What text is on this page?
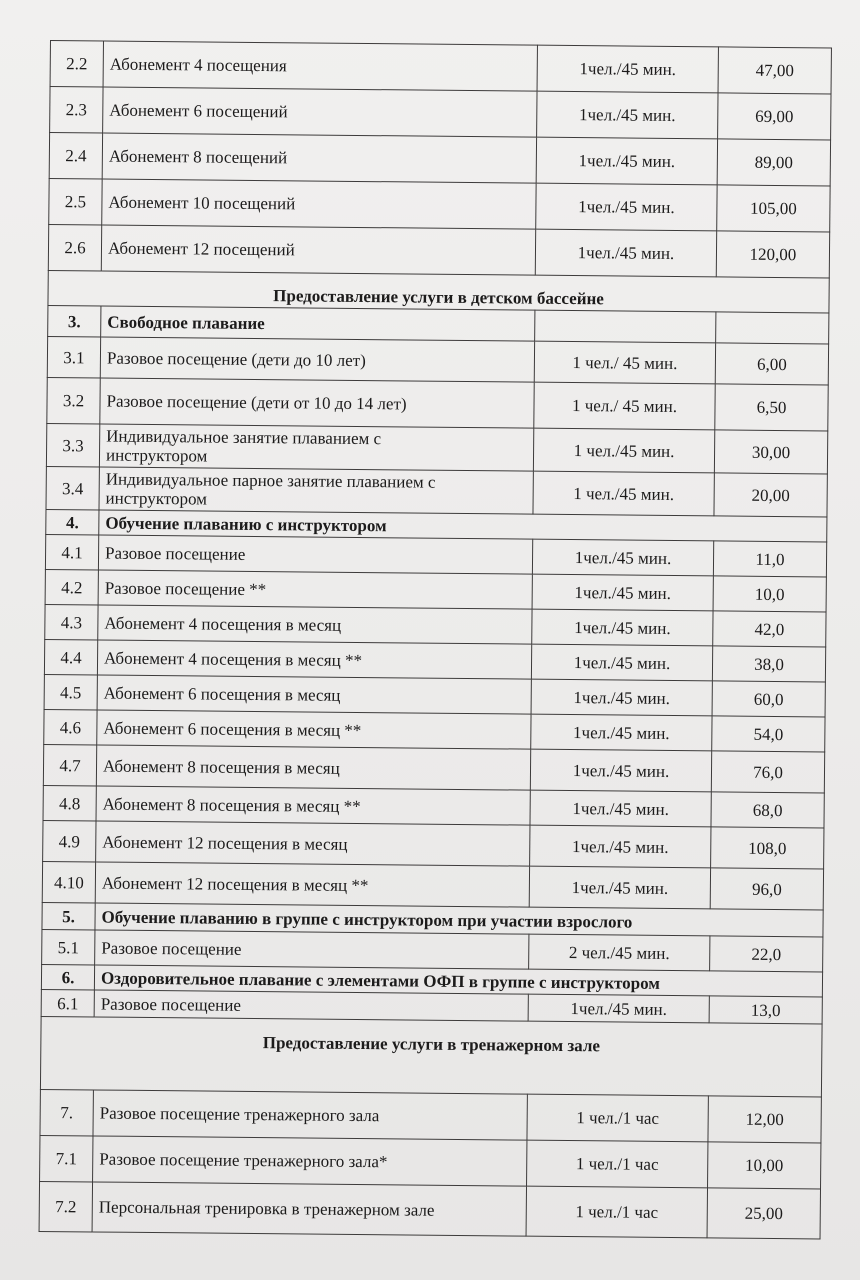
2.2	Абонемент 4 посещения	1чел./45 мин.	47,00
2.3	Абонемент 6 посещений	1чел./45 мин.	69,00
2.4	Абонемент 8 посещений	1чел./45 мин.	89,00
2.5	Абонемент 10 посещений	1чел./45 мин.	105,00
2.6	Абонемент 12 посещений	1чел./45 мин.	120,00
Предоставление услуги в детском бассейне			
3.	Свободное плавание		
3.1	Разовое посещение (дети до 10 лет)	1 чел./ 45 мин.	6,00
3.2	Разовое посещение (дети от 10 до 14 лет)	1 чел./ 45 мин.	6,50
3.3	Индивидуальное занятие плаванием с инструктором	1 чел./45 мин.	30,00
3.4	Индивидуальное парное занятие плаванием с инструктором	1 чел./45 мин.	20,00
4.	Обучение плаванию с инструктором		
4.1	Разовое посещение	1чел./45 мин.	11,0
4.2	Разовое посещение **	1чел./45 мин.	10,0
4.3	Абонемент 4 посещения в месяц	1чел./45 мин.	42,0
4.4	Абонемент 4 посещения в месяц **	1чел./45 мин.	38,0
4.5	Абонемент 6 посещения в месяц	1чел./45 мин.	60,0
4.6	Абонемент 6 посещения в месяц **	1чел./45 мин.	54,0
4.7	Абонемент 8 посещения в месяц	1чел./45 мин.	76,0
4.8	Абонемент 8 посещения в месяц **	1чел./45 мин.	68,0
4.9	Абонемент 12 посещения в месяц	1чел./45 мин.	108,0
4.10	Абонемент 12 посещения в месяц **	1чел./45 мин.	96,0
5.	Обучение плаванию в группе с инструктором при участии взрослого		
5.1	Разовое посещение	2 чел./45 мин.	22,0
6.	Оздоровительное плавание с элементами ОФП в группе с инструктором		
6.1	Разовое посещение	1чел./45 мин.	13,0
Предоставление услуги в тренажерном зале			
7.	Разовое посещение тренажерного зала	1 чел./1 час	12,00
7.1	Разовое посещение тренажерного зала*	1 чел./1 час	10,00
7.2	Персональная тренировка в тренажерном зале	1 чел./1 час	25,00
